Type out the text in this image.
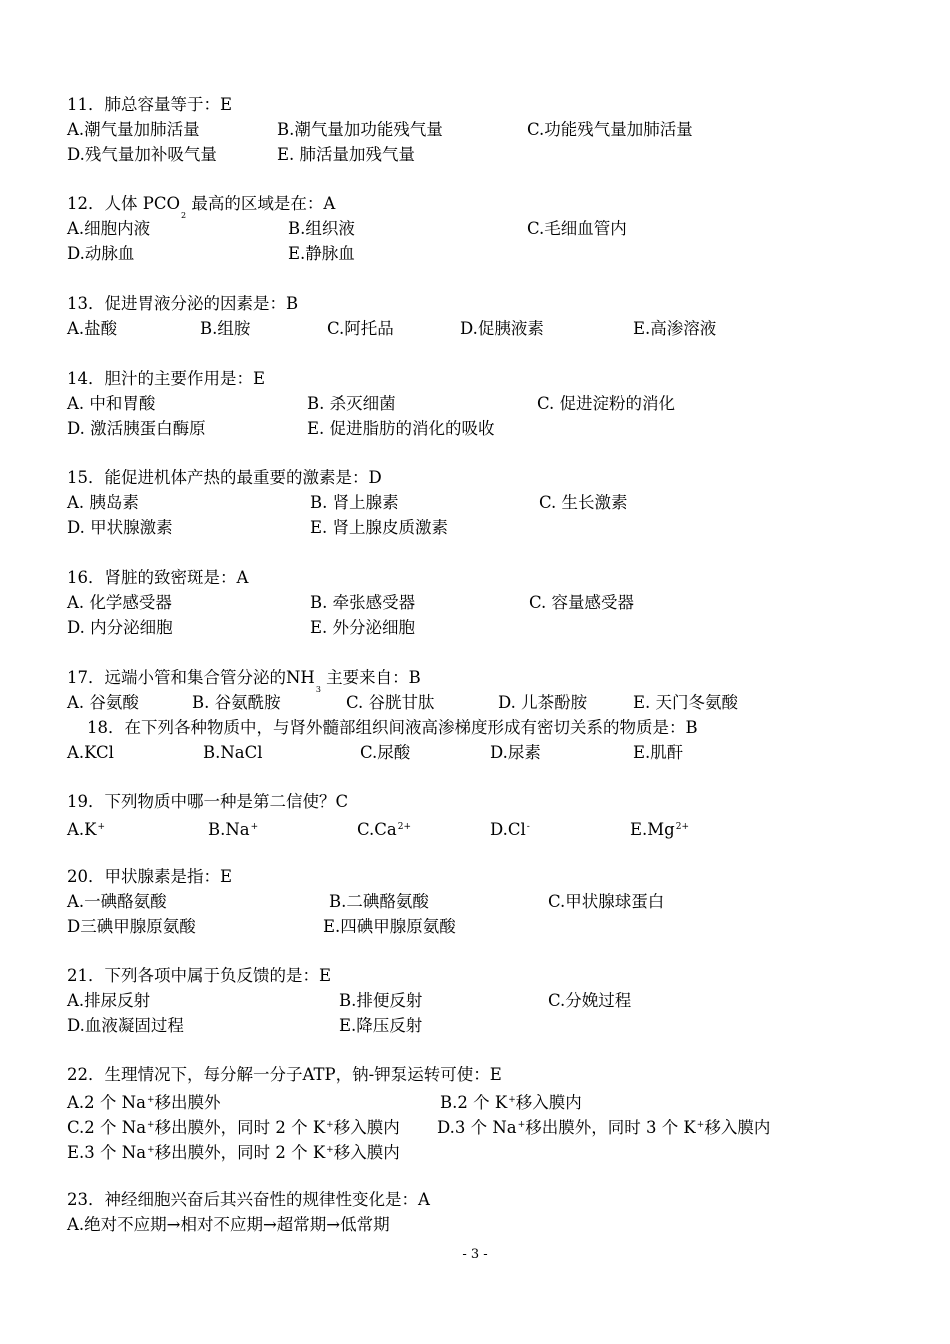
11．肺总容量等于：E
A.潮气量加肺活量	B.潮气量加功能残气量	C.功能残气量加肺活量
D.残气量加补吸气量	E. 肺活量加残气量
12．人体 $PCO_2$ 最高的区域是在：A
A.细胞内液	B.组织液	C.毛细血管内
D.动脉血	E.静脉血
13．促进胃液分泌的因素是：B
A.盐酸	B.组胺	C.阿托品	D.促胰液素	E.高渗溶液
14．胆汁的主要作用是：E
A. 中和胃酸	B. 杀灭细菌	C. 促进淀粉的消化
D. 激活胰蛋白酶原	E. 促进脂肪的消化的吸收
15．能促进机体产热的最重要的激素是：D
A. 胰岛素	B. 肾上腺素	C. 生长激素
D. 甲状腺激素	E. 肾上腺皮质激素
16．肾脏的致密斑是：A
A. 化学感受器	B. 牵张感受器	C. 容量感受器
D. 内分泌细胞	E. 外分泌细胞
17．远端小管和集合管分泌的$NH_3$ 主要来自：B
A. 谷氨酸	B. 谷氨酰胺	C. 谷胱甘肽	D. 儿茶酚胺	E. 天门冬氨酸
18．在下列各种物质中，与肾外髓部组织间液高渗梯度形成有密切关系的物质是：B
A.KCl	B.NaCl	C.尿酸	D.尿素	E.肌酐
19．下列物质中哪一种是第二信使？C
A.K+	B.Na+	$C.Ca^{2+}$	D.Cl-	$E.Mg^{2+}$
20．甲状腺素是指：E
A.一碘酪氨酸	B.二碘酪氨酸	C.甲状腺球蛋白
D三碘甲腺原氨酸	E.四碘甲腺原氨酸
21．下列各项中属于负反馈的是：E
A.排尿反射	B.排便反射	C.分娩过程
D.血液凝固过程	E.降压反射
22．生理情况下，每分解一分子ATP，钠-钾泵运转可使：E
A.2 个 Na+移出膜外	B.2 个 K+移入膜内
C.2 个 Na+移出膜外，同时 2 个 K+移入膜内 D.3 个 Na+移出膜外，同时 3 个 K+移入膜内
E.3 个 Na+移出膜外，同时 2 个 K+移入膜内
23．神经细胞兴奋后其兴奋性的规律性变化是：A
A.绝对不应期→相对不应期→超常期→低常期
- 3 -
